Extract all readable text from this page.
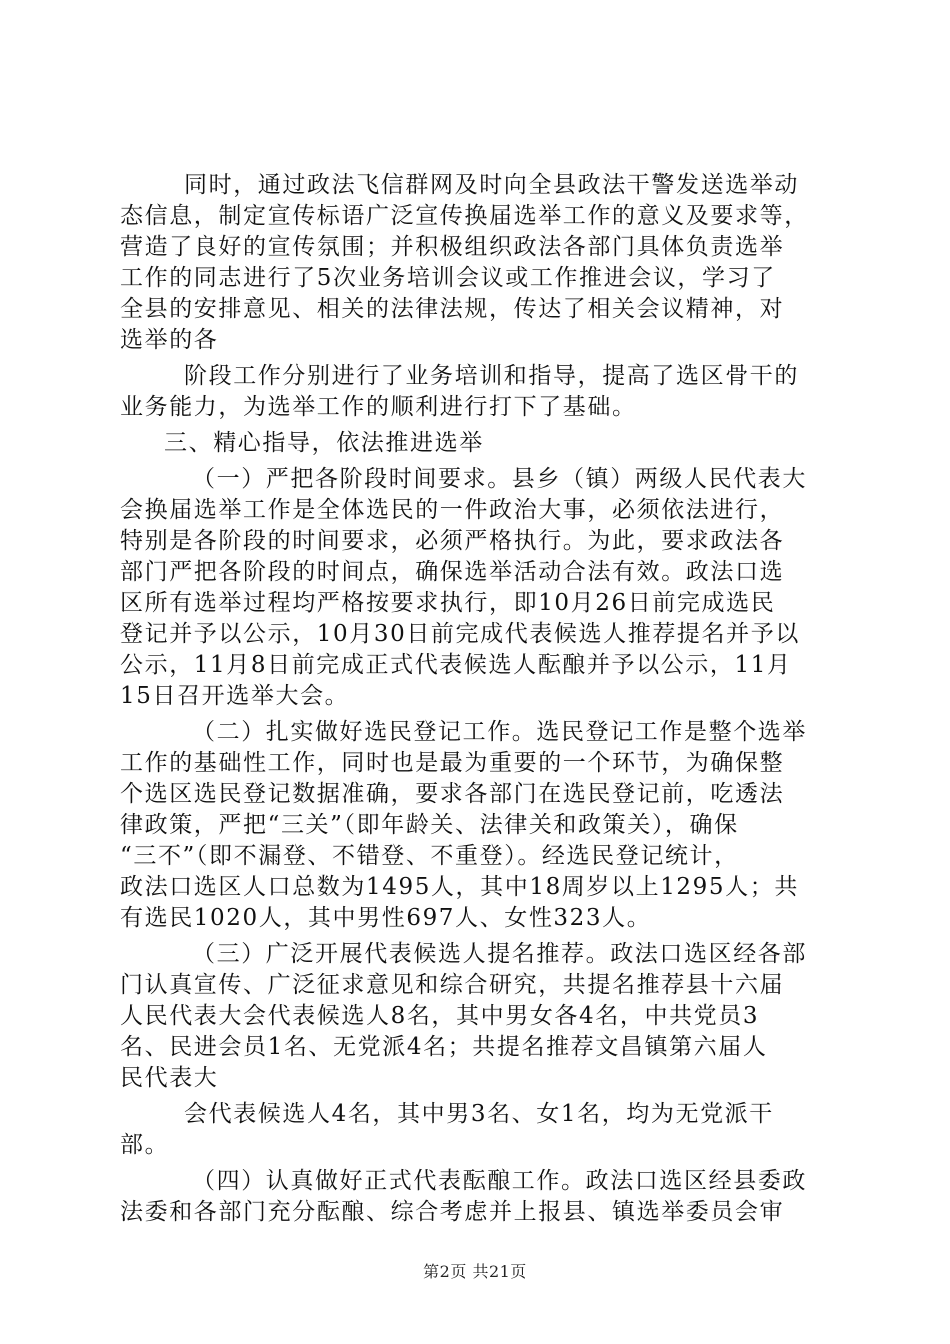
同时，通过政法飞信群网及时向全县政法干警发送选举动
态信息，制定宣传标语广泛宣传换届选举工作的意义及要求等，
营造了良好的宣传氛围；并积极组织政法各部门具体负责选举
工作的同志进行了5次业务培训会议或工作推进会议，学习了
全县的安排意见、相关的法律法规，传达了相关会议精神，对
选举的各
阶段工作分别进行了业务培训和指导，提高了选区骨干的
业务能力，为选举工作的顺利进行打下了基础。
三、精心指导，依法推进选举
（一）严把各阶段时间要求。县乡（镇）两级人民代表大
会换届选举工作是全体选民的一件政治大事，必须依法进行，
特别是各阶段的时间要求，必须严格执行。为此，要求政法各
部门严把各阶段的时间点，确保选举活动合法有效。政法口选
区所有选举过程均严格按要求执行，即10月26日前完成选民
登记并予以公示，10月30日前完成代表候选人推荐提名并予以
公示，11月8日前完成正式代表候选人酝酿并予以公示，11月
15日召开选举大会。
（二）扎实做好选民登记工作。选民登记工作是整个选举
工作的基础性工作，同时也是最为重要的一个环节，为确保整
个选区选民登记数据准确，要求各部门在选民登记前，吃透法
律政策，严把“三关”（即年龄关、法律关和政策关），确保
“三不”（即不漏登、不错登、不重登）。经选民登记统计，
政法口选区人口总数为1495人，其中18周岁以上1295人；共
有选民1020人，其中男性697人、女性323人。
（三）广泛开展代表候选人提名推荐。政法口选区经各部
门认真宣传、广泛征求意见和综合研究，共提名推荐县十六届
人民代表大会代表候选人8名，其中男女各4名，中共党员3
名、民进会员1名、无党派4名；共提名推荐文昌镇第六届人
民代表大
会代表候选人4名，其中男3名、女1名，均为无党派干
部。
（四）认真做好正式代表酝酿工作。政法口选区经县委政
法委和各部门充分酝酿、综合考虑并上报县、镇选举委员会审
第2页 共21页
